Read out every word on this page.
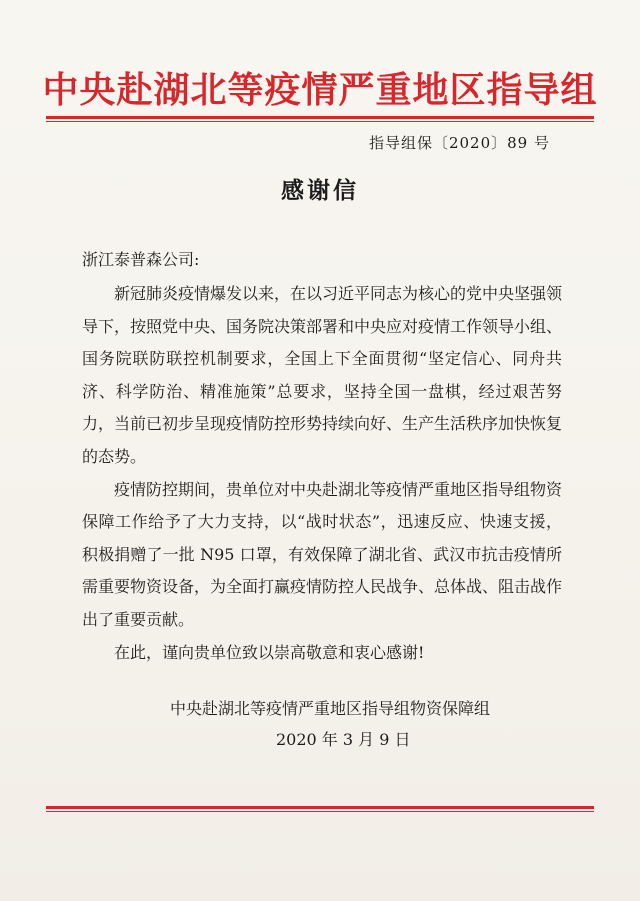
中央赴湖北等疫情严重地区指导组
指导组保〔2020〕89 号
感谢信
浙江泰普森公司:

新冠肺炎疫情爆发以来，在以习近平同志为核心的党中央坚强领导下，按照党中央、国务院决策部署和中央应对疫情工作领导小组、国务院联防联控机制要求，全国上下全面贯彻“坚定信心、同舟共济、科学防治、精准施策”总要求，坚持全国一盘棋，经过艰苦努力，当前已初步呈现疫情防控形势持续向好、生产生活秩序加快恢复的态势。

疫情防控期间，贵单位对中央赴湖北等疫情严重地区指导组物资保障工作给予了大力支持，以“战时状态”，迅速反应、快速支援，积极捐赠了一批 N95 口罩，有效保障了湖北省、武汉市抗击疫情所需重要物资设备，为全面打赢疫情防控人民战争、总体战、阻击战作出了重要贡献。

在此，谨向贵单位致以崇高敬意和衷心感谢!

中央赴湖北等疫情严重地区指导组物资保障组
2020 年 3 月 9 日
